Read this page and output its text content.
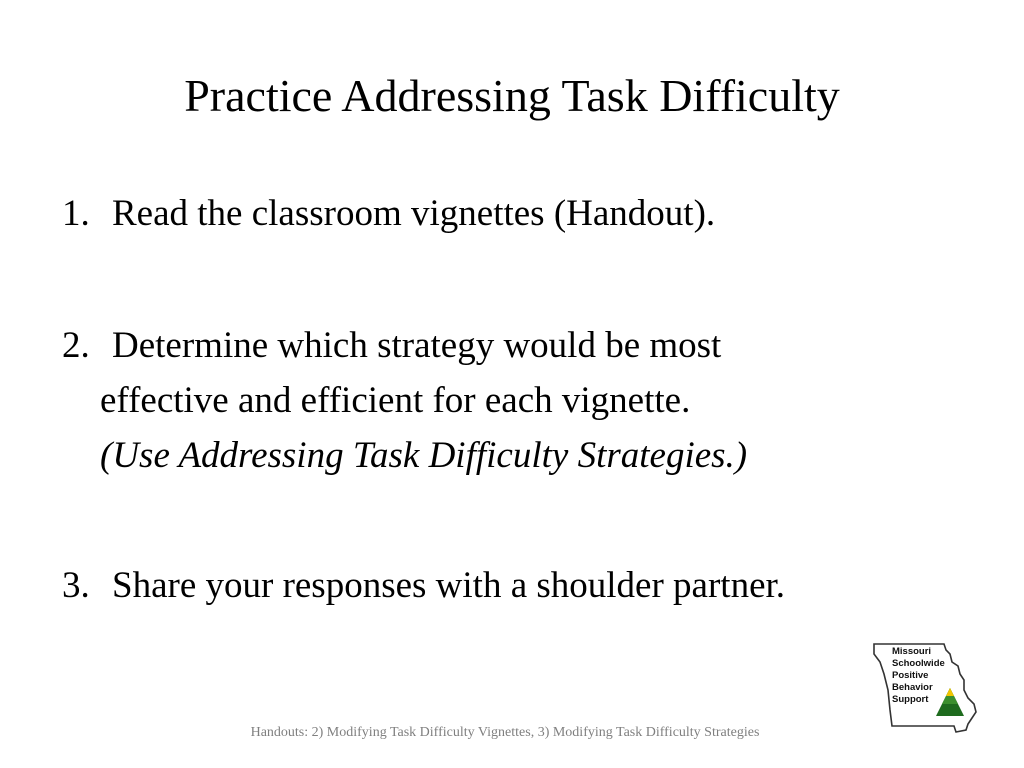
Practice Addressing Task Difficulty
1. Read the classroom vignettes (Handout).
2. Determine which strategy would be most
effective and efficient for each vignette.
(Use Addressing Task Difficulty Strategies.)
3. Share your responses with a shoulder partner.
Missouri
Schoolwide
Positive
Behavior
Support
Handouts: 2) Modifying Task Difficulty Vignettes, 3) Modifying Task Difficulty Strategies
